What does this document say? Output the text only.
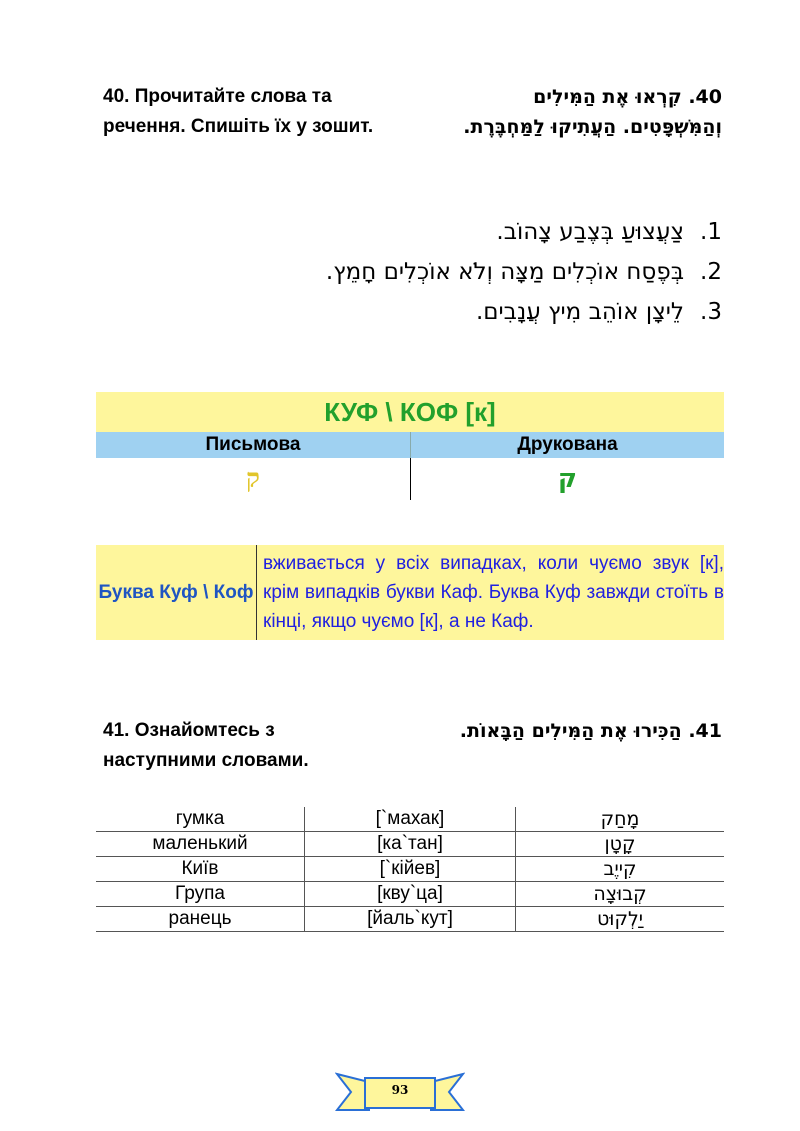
40. Прочитайте слова та речення. Спишіть їх у зошит.
40. קִרְאוּ אֶת הַמִּילִים וְהַמִּשְׁפָּטִים. הַעֲתִיקוּ לַמַּחְבֶּרֶת.
1.צַעֲצוּעַ בְּצֶבַע צָהוֹב.
2.בְּפֶסַח אוֹכְלִים מַצָּה וְלֹא אוֹכְלִים חָמֵץ.
3.לֵיצָן אוֹהֵב מִיץ עֲנָבִים.
КУФ \ КОФ [к]	
Письмова	Друкована
ק	ק
Буква Куф \ Коф	вживається у всіх випадках, коли чуємо звук [к], крім випадків букви Каф. Буква Куф завжди стоїть в кінці, якщо чуємо [к], а не Каф.
41. Ознайомтесь з наступними словами.
41. הַכִּירוּ אֶת הַמִּילִים הַבָּאוֹת.
гумка	[`махак]	מָחַק
маленький	[ка`тан]	קָטָן
Київ	[`кійев]	קִייֶב
Група	[кву`ца]	קְבוּצָה
ранець	[йаль`кут]	יַלְקוּט
93
